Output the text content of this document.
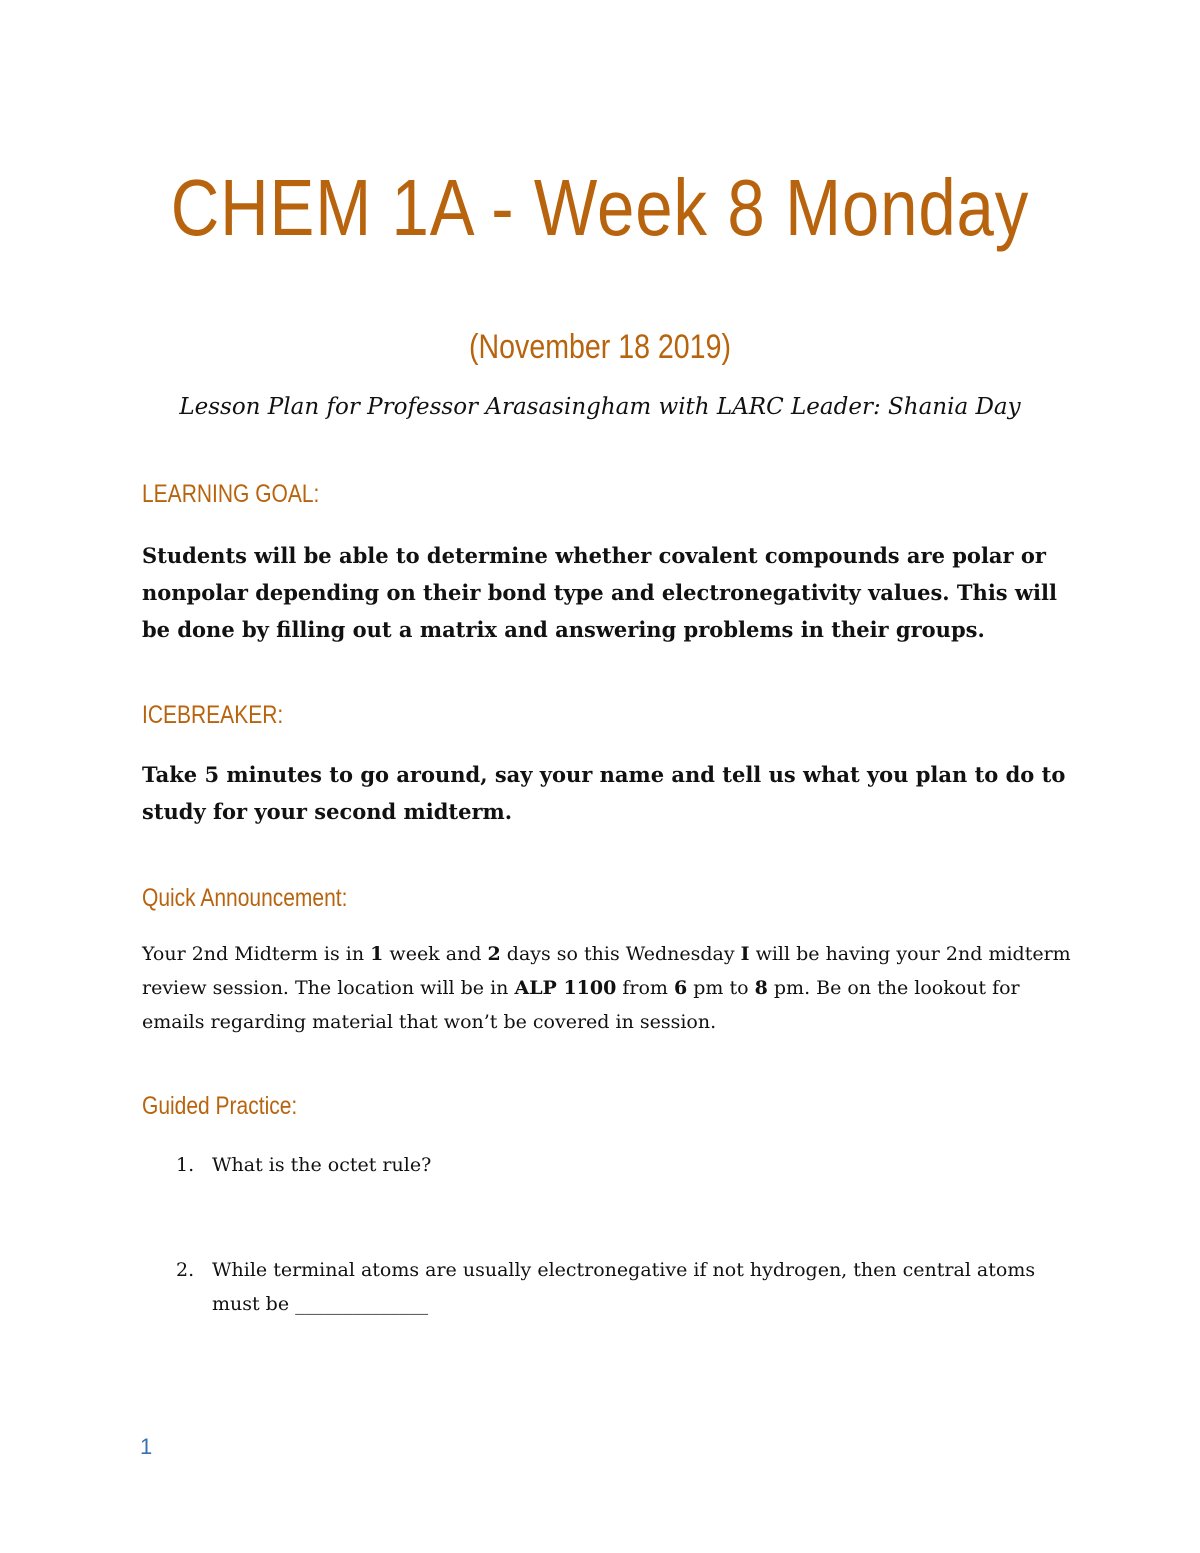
CHEM 1A - Week 8 Monday
(November 18 2019)
Lesson Plan for Professor Arasasingham with LARC Leader: Shania Day
LEARNING GOAL:
Students will be able to determine whether covalent compounds are polar or nonpolar depending on their bond type and electronegativity values. This will be done by filling out a matrix and answering problems in their groups.
ICEBREAKER:
Take 5 minutes to go around, say your name and tell us what you plan to do to study for your second midterm.
Quick Announcement:
Your 2nd Midterm is in 1 week and 2 days so this Wednesday I will be having your 2nd midterm review session. The location will be in ALP 1100 from 6 pm to 8 pm. Be on the lookout for emails regarding material that won’t be covered in session.
Guided Practice:
1. What is the octet rule?
2. While terminal atoms are usually electronegative if not hydrogen, then central atoms must be ______________
1
